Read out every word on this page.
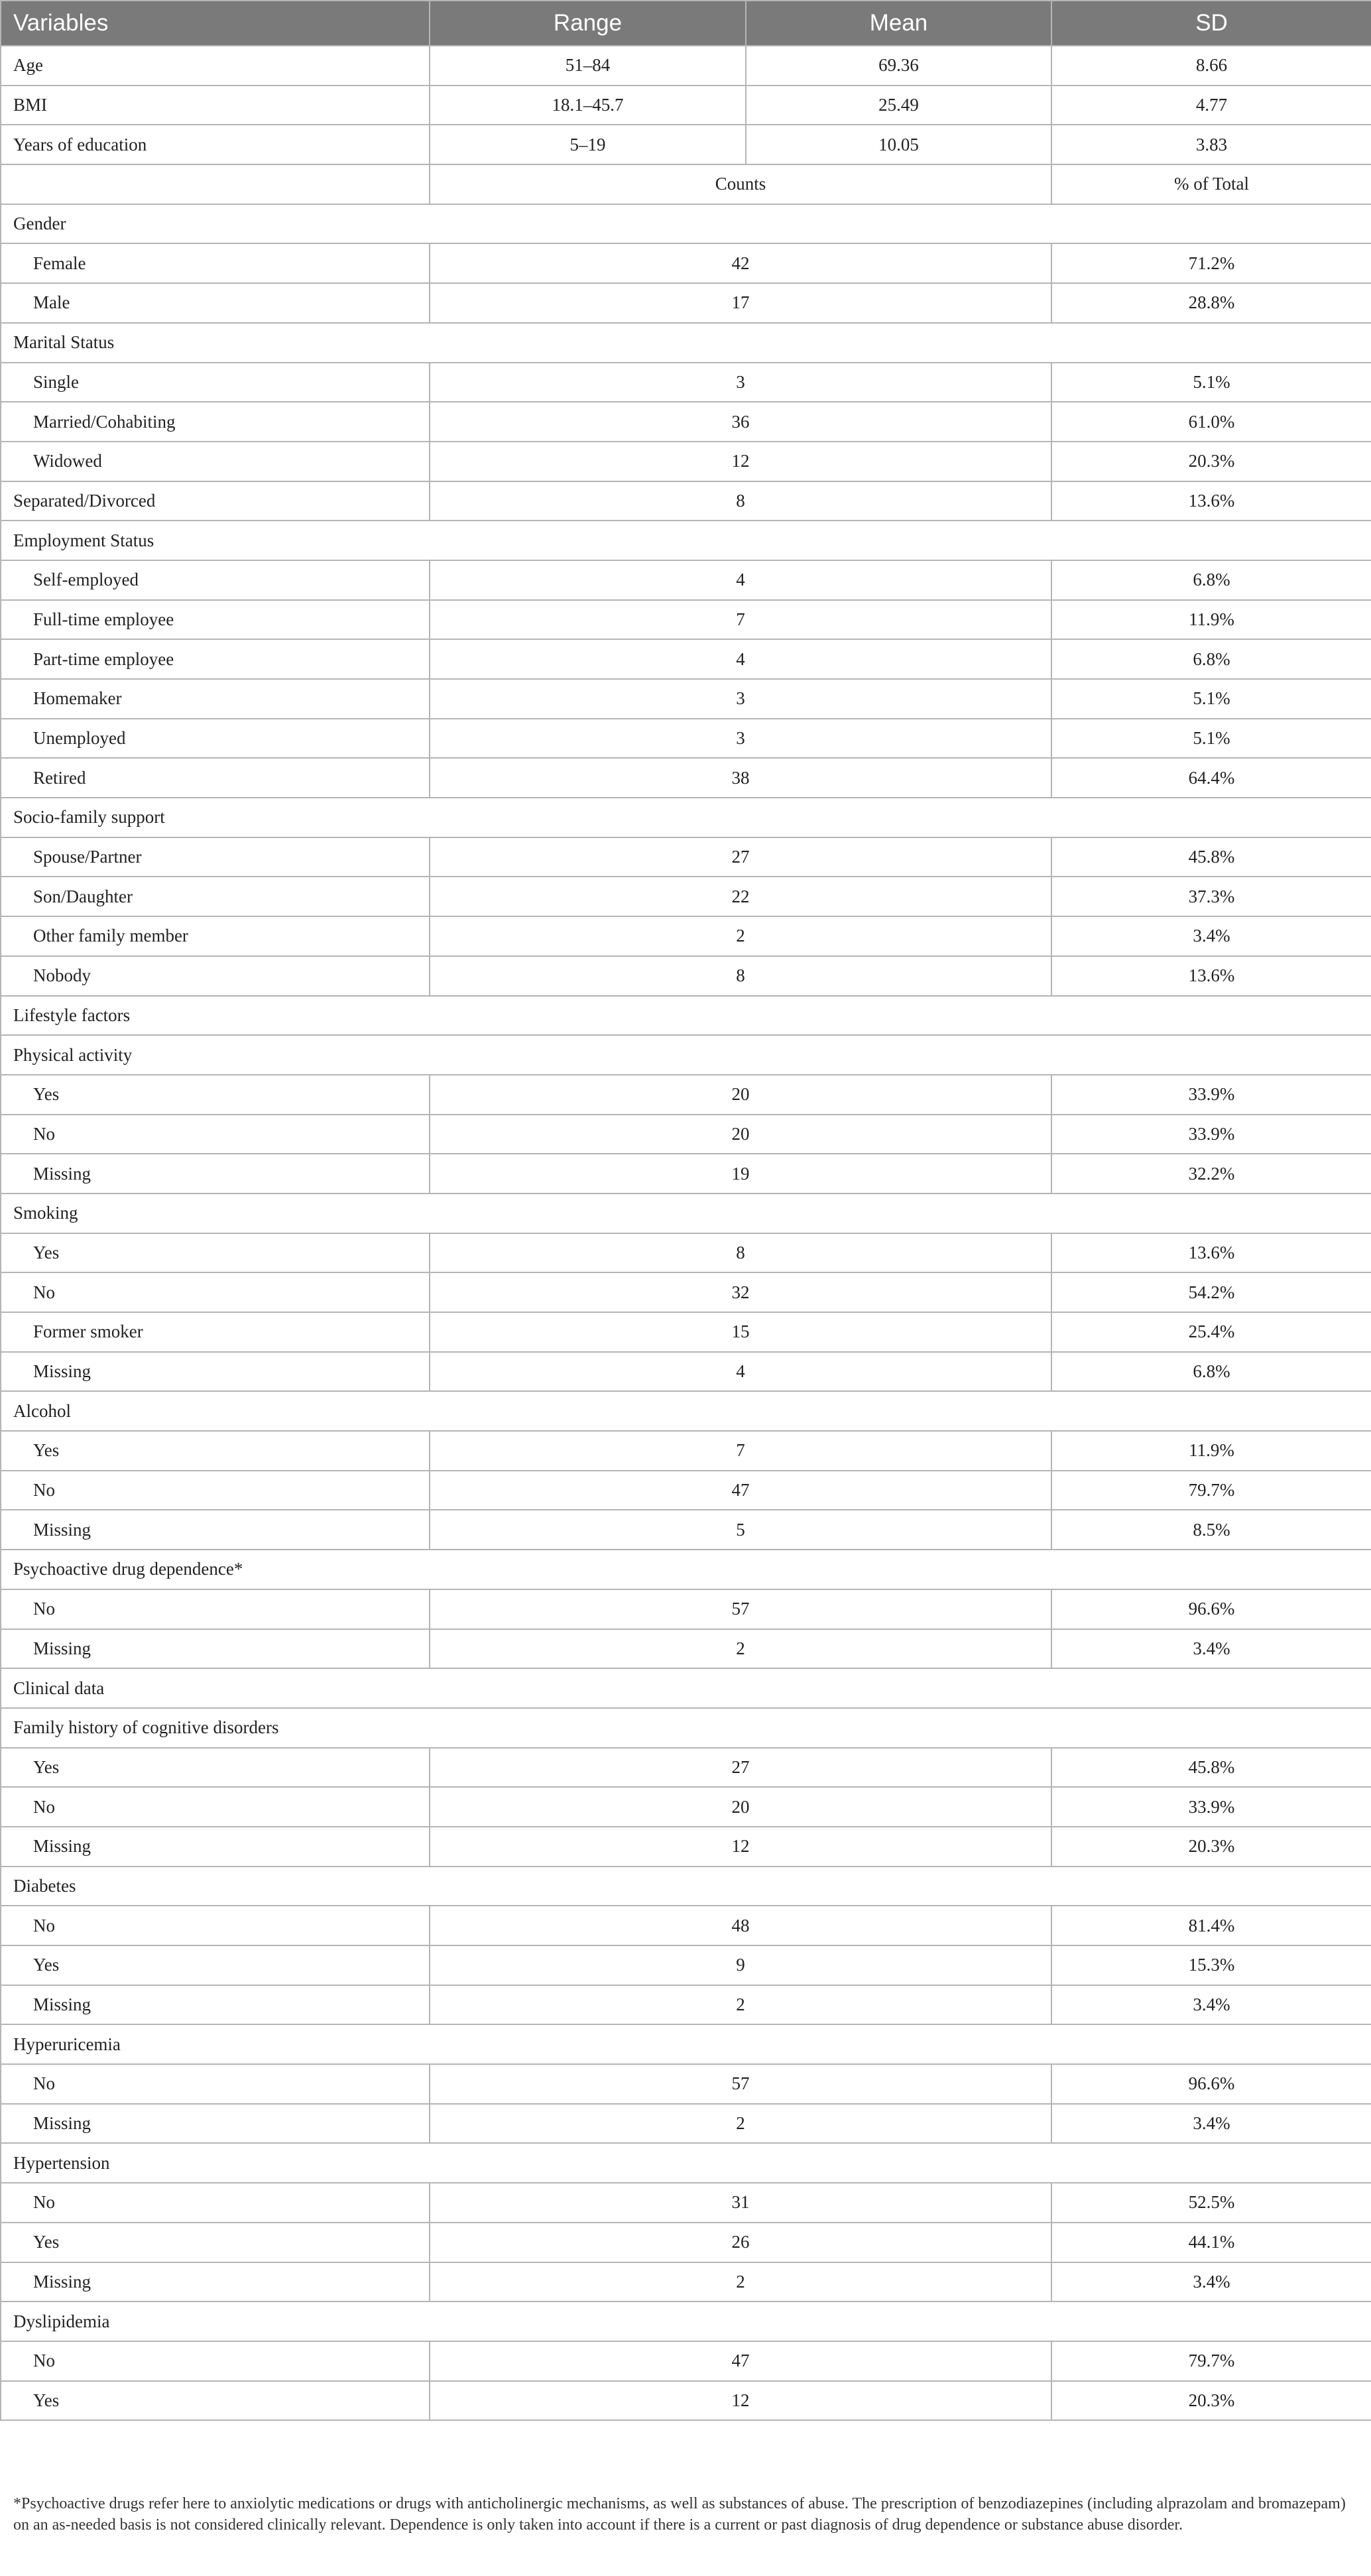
Variables	Range	Mean	SD
Age	51–84	69.36	8.66
BMI	18.1–45.7	25.49	4.77
Years of education	5–19	10.05	3.83
	Counts		% of Total
Gender			
Female	42		71.2%
Male	17		28.8%
Marital Status			
Single	3		5.1%
Married/Cohabiting	36		61.0%
Widowed	12		20.3%
Separated/Divorced	8		13.6%
Employment Status			
Self-employed	4		6.8%
Full-time employee	7		11.9%
Part-time employee	4		6.8%
Homemaker	3		5.1%
Unemployed	3		5.1%
Retired	38		64.4%
Socio-family support			
Spouse/Partner	27		45.8%
Son/Daughter	22		37.3%
Other family member	2		3.4%
Nobody	8		13.6%
Lifestyle factors			
Physical activity			
Yes	20		33.9%
No	20		33.9%
Missing	19		32.2%
Smoking			
Yes	8		13.6%
No	32		54.2%
Former smoker	15		25.4%
Missing	4		6.8%
Alcohol			
Yes	7		11.9%
No	47		79.7%
Missing	5		8.5%
Psychoactive drug dependence*			
No	57		96.6%
Missing	2		3.4%
Clinical data			
Family history of cognitive disorders			
Yes	27		45.8%
No	20		33.9%
Missing	12		20.3%
Diabetes			
No	48		81.4%
Yes	9		15.3%
Missing	2		3.4%
Hyperuricemia			
No	57		96.6%
Missing	2		3.4%
Hypertension			
No	31		52.5%
Yes	26		44.1%
Missing	2		3.4%
Dyslipidemia			
No	47		79.7%
Yes	12		20.3%
*Psychoactive drugs refer here to anxiolytic medications or drugs with anticholinergic mechanisms, as well as substances of abuse. The prescription of benzodiazepines (including alprazolam and bromazepam) on an as-needed basis is not considered clinically relevant. Dependence is only taken into account if there is a current or past diagnosis of drug dependence or substance abuse disorder.
